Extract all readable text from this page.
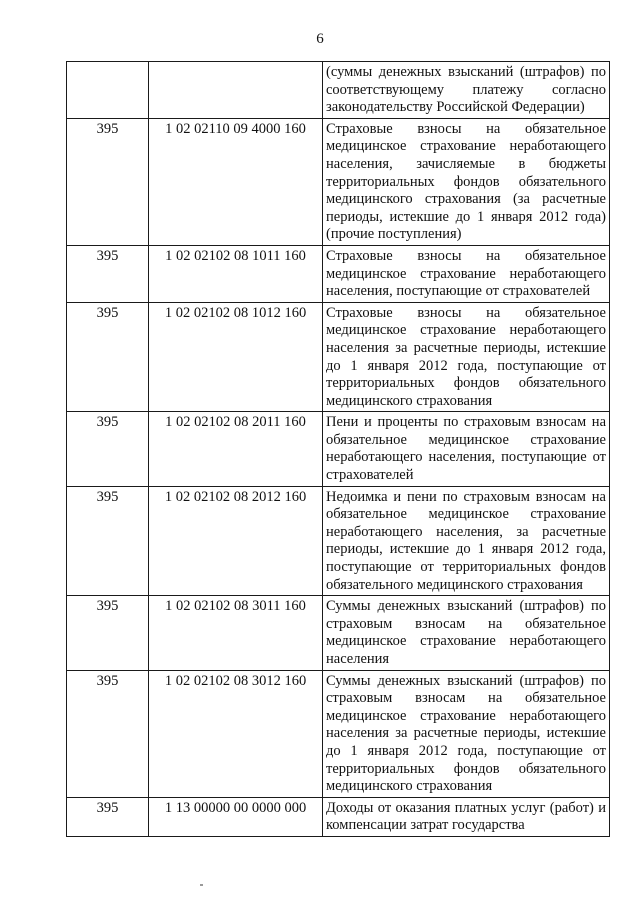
6
		(суммы денежных взысканий (штрафов) по соответствующему платежу согласно законодательству Российской Федерации)
395	1 02 02110 09 4000 160	Страховые взносы на обязательное медицинское страхование неработающего населения, зачисляемые в бюджеты территориальных фондов обязательного медицинского страхования (за расчетные периоды, истекшие до 1 января 2012 года) (прочие поступления)
395	1 02 02102 08 1011 160	Страховые взносы на обязательное медицинское страхование неработающего населения, поступающие от страхователей
395	1 02 02102 08 1012 160	Страховые взносы на обязательное медицинское страхование неработающего населения за расчетные периоды, истекшие до 1 января 2012 года, поступающие от территориальных фондов обязательного медицинского страхования
395	1 02 02102 08 2011 160	Пени и проценты по страховым взносам на обязательное медицинское страхование неработающего населения, поступающие от страхователей
395	1 02 02102 08 2012 160	Недоимка и пени по страховым взносам на обязательное медицинское страхование неработающего населения, за расчетные периоды, истекшие до 1 января 2012 года, поступающие от территориальных фондов обязательного медицинского страхования
395	1 02 02102 08 3011 160	Суммы денежных взысканий (штрафов) по страховым взносам на обязательное медицинское страхование неработающего населения
395	1 02 02102 08 3012 160	Суммы денежных взысканий (штрафов) по страховым взносам на обязательное медицинское страхование неработающего населения за расчетные периоды, истекшие до 1 января 2012 года, поступающие от территориальных фондов обязательного медицинского страхования
395	1 13 00000 00 0000 000	Доходы от оказания платных услуг (работ) и компенсации затрат государства
